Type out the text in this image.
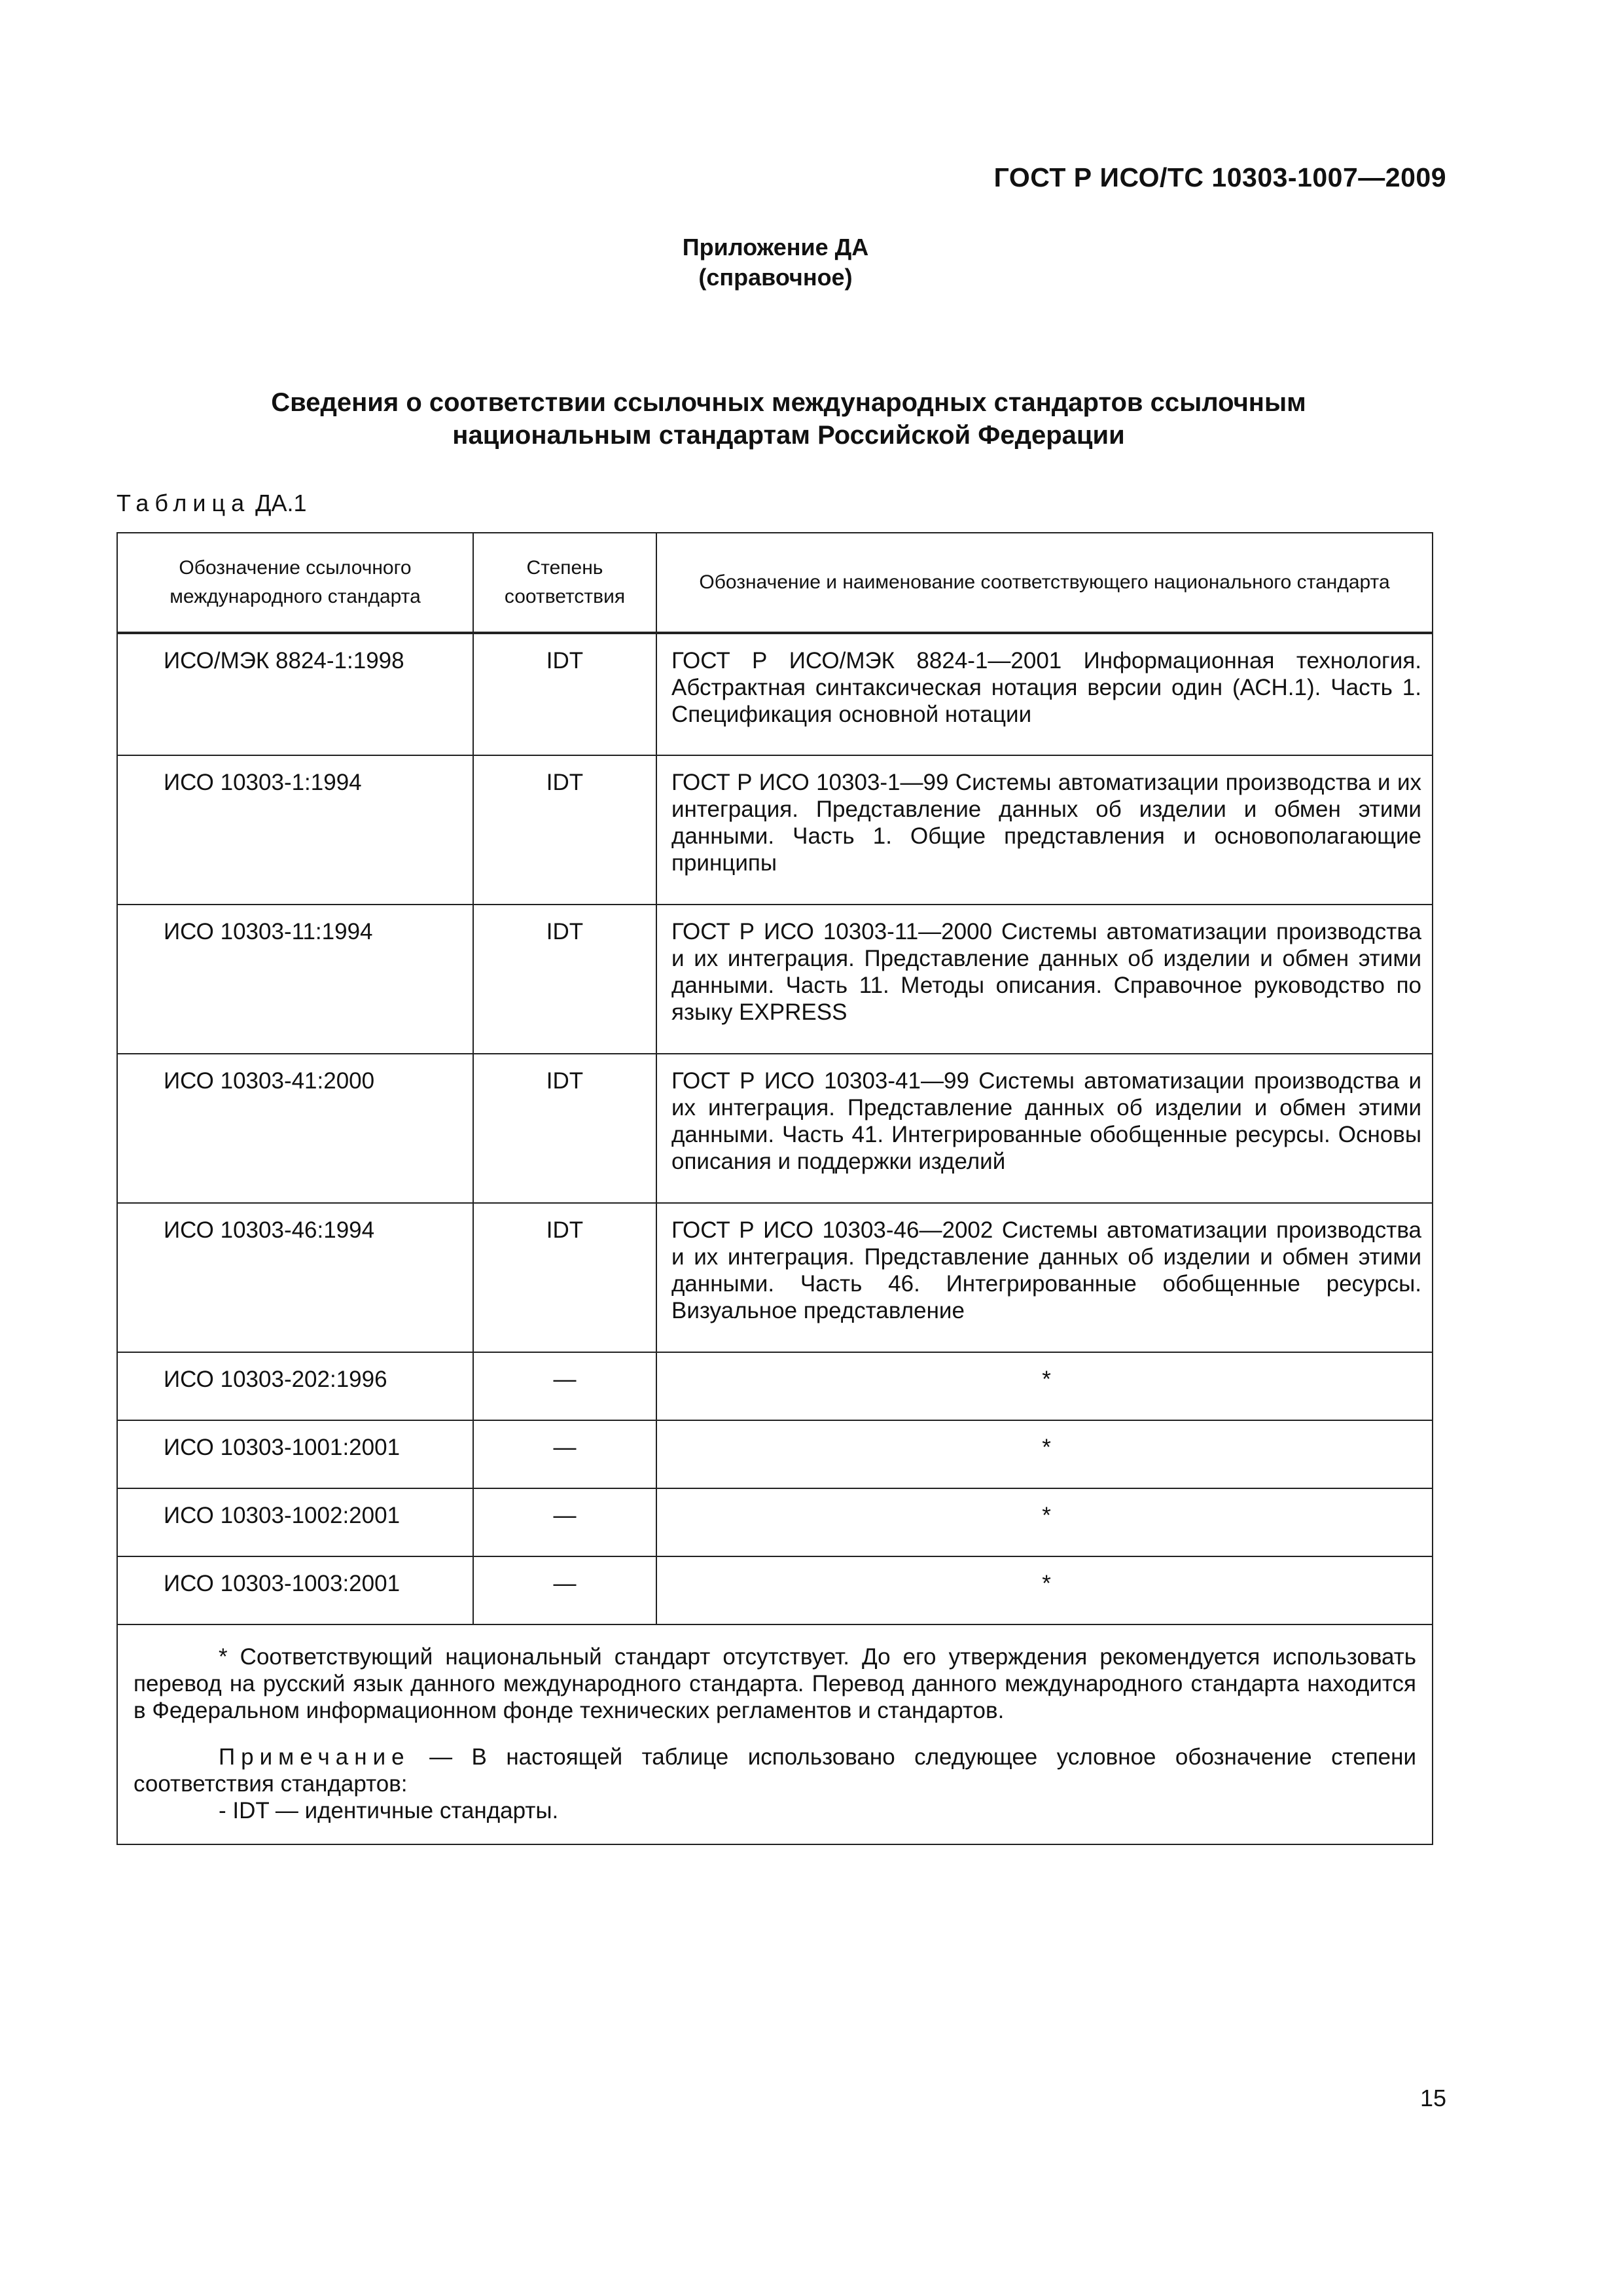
ГОСТ Р ИСО/ТС 10303-1007—2009
Приложение ДА
(справочное)
Сведения о соответствии ссылочных международных стандартов ссылочным
национальным стандартам Российской Федерации
Таблица ДА.1
Обозначение ссылочного международного стандарта	Степень соответствия	Обозначение и наименование соответствующего национального стандарта
ИСО/МЭК 8824-1:1998	IDT	ГОСТ Р ИСО/МЭК 8824-1—2001 Информационная технология. Абстрактная синтаксическая нотация версии один (АСН.1). Часть 1. Спецификация основной нотации
ИСО 10303-1:1994	IDT	ГОСТ Р ИСО 10303-1—99 Системы автоматизации производства и их интеграция. Представление данных об изделии и обмен этими данными. Часть 1. Общие представления и основополагающие принципы
ИСО 10303-11:1994	IDT	ГОСТ Р ИСО 10303-11—2000 Системы автоматизации производства и их интеграция. Представление данных об изделии и обмен этими данными. Часть 11. Методы описания. Справочное руководство по языку EXPRESS
ИСО 10303-41:2000	IDT	ГОСТ Р ИСО 10303-41—99 Системы автоматизации производства и их интеграция. Представление данных об изделии и обмен этими данными. Часть 41. Интегрированные обобщенные ресурсы. Основы описания и поддержки изделий
ИСО 10303-46:1994	IDT	ГОСТ Р ИСО 10303-46—2002 Системы автоматизации производства и их интеграция. Представление данных об изделии и обмен этими данными. Часть 46. Интегрированные обобщенные ресурсы. Визуальное представление
ИСО 10303-202:1996	—	*
ИСО 10303-1001:2001	—	*
ИСО 10303-1002:2001	—	*
ИСО 10303-1003:2001	—	*

* Соответствующий национальный стандарт отсутствует. До его утверждения рекомендуется использовать перевод на русский язык данного международного стандарта. Перевод данного международного стандарта находится в Федеральном информационном фонде технических регламентов и стандартов.

Примечание — В настоящей таблице использовано следующее условное обозначение степени соответствия стандартов:

- IDT — идентичные стандарты.		

15
